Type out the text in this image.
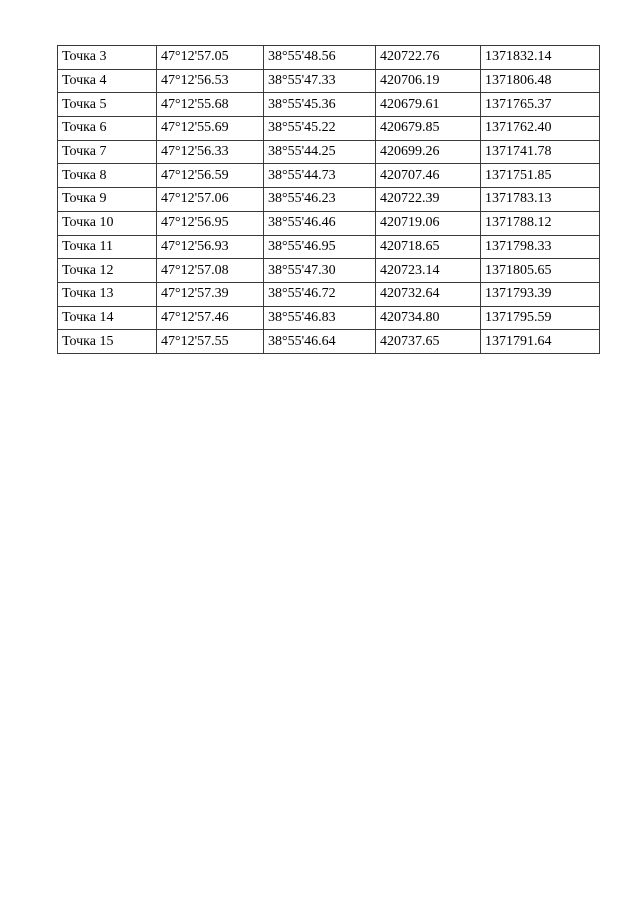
Точка 3	47°12'57.05	38°55'48.56	420722.76	1371832.14
Точка 4	47°12'56.53	38°55'47.33	420706.19	1371806.48
Точка 5	47°12'55.68	38°55'45.36	420679.61	1371765.37
Точка 6	47°12'55.69	38°55'45.22	420679.85	1371762.40
Точка 7	47°12'56.33	38°55'44.25	420699.26	1371741.78
Точка 8	47°12'56.59	38°55'44.73	420707.46	1371751.85
Точка 9	47°12'57.06	38°55'46.23	420722.39	1371783.13
Точка 10	47°12'56.95	38°55'46.46	420719.06	1371788.12
Точка 11	47°12'56.93	38°55'46.95	420718.65	1371798.33
Точка 12	47°12'57.08	38°55'47.30	420723.14	1371805.65
Точка 13	47°12'57.39	38°55'46.72	420732.64	1371793.39
Точка 14	47°12'57.46	38°55'46.83	420734.80	1371795.59
Точка 15	47°12'57.55	38°55'46.64	420737.65	1371791.64
